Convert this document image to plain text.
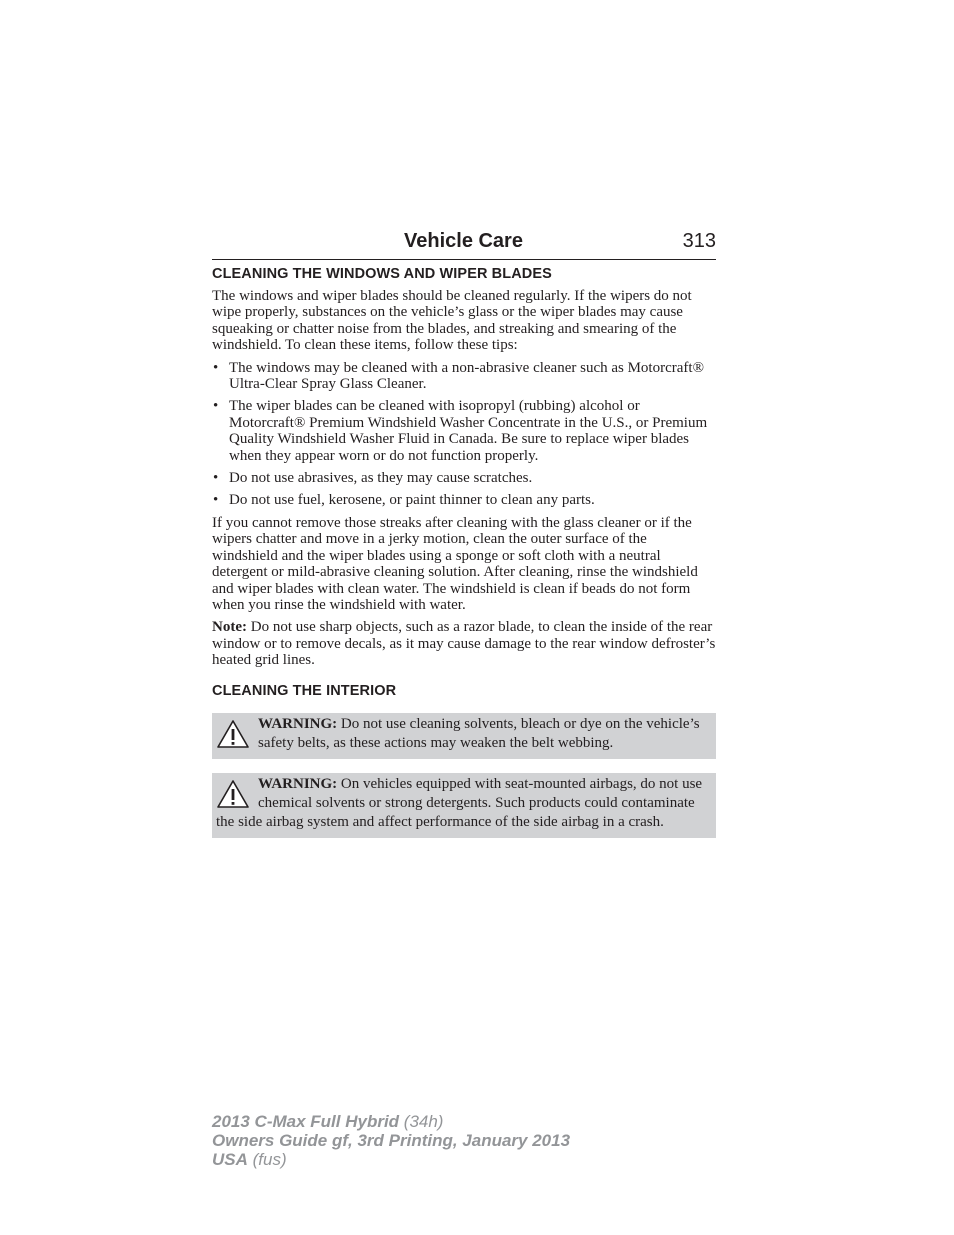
Vehicle Care	313
CLEANING THE WINDOWS AND WIPER BLADES

The windows and wiper blades should be cleaned regularly. If the wipers do not wipe properly, substances on the vehicle’s glass or the wiper blades may cause squeaking or chatter noise from the blades, and streaking and smearing of the windshield. To clean these items, follow these tips:

• The windows may be cleaned with a non-abrasive cleaner such as Motorcraft® Ultra-Clear Spray Glass Cleaner.
• The wiper blades can be cleaned with isopropyl (rubbing) alcohol or Motorcraft® Premium Windshield Washer Concentrate in the U.S., or Premium Quality Windshield Washer Fluid in Canada. Be sure to replace wiper blades when they appear worn or do not function properly.
• Do not use abrasives, as they may cause scratches.
• Do not use fuel, kerosene, or paint thinner to clean any parts.

If you cannot remove those streaks after cleaning with the glass cleaner or if the wipers chatter and move in a jerky motion, clean the outer surface of the windshield and the wiper blades using a sponge or soft cloth with a neutral detergent or mild-abrasive cleaning solution. After cleaning, rinse the windshield and wiper blades with clean water. The windshield is clean if beads do not form when you rinse the windshield with water.

Note: Do not use sharp objects, such as a razor blade, to clean the inside of the rear window or to remove decals, as it may cause damage to the rear window defroster’s heated grid lines.

CLEANING THE INTERIOR
WARNING: Do not use cleaning solvents, bleach or dye on the vehicle’s safety belts, as these actions may weaken the belt webbing.
WARNING: On vehicles equipped with seat-mounted airbags, do not use chemical solvents or strong detergents. Such products could contaminate the side airbag system and affect performance of the side airbag in a crash.
2013 C-Max Full Hybrid (34h)
Owners Guide gf, 3rd Printing, January 2013
USA (fus)
